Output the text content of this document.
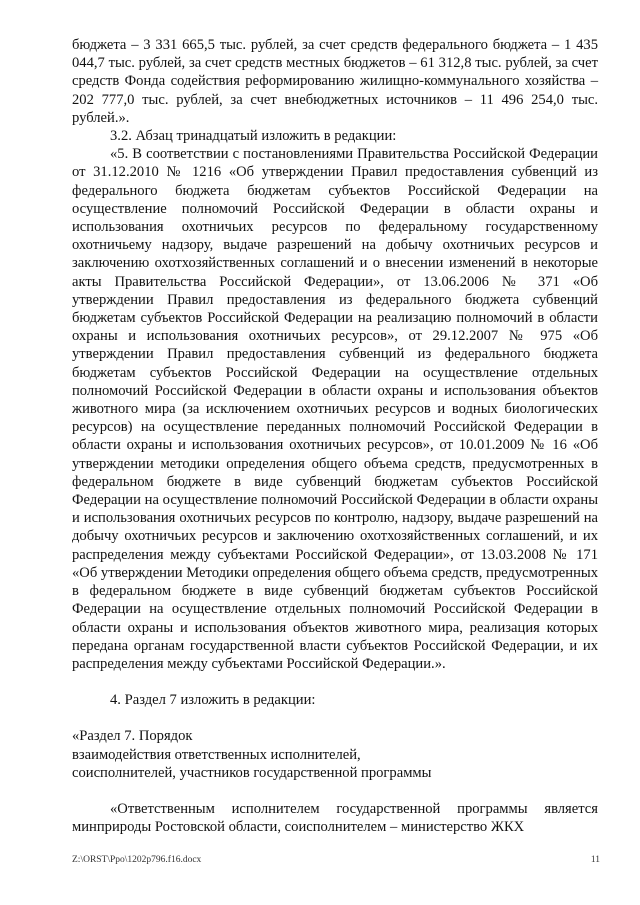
бюджета – 3 331 665,5 тыс. рублей, за счет средств федерального бюджета – 1 435 044,7 тыс. рублей, за счет средств местных бюджетов – 61 312,8 тыс. рублей, за счет средств Фонда содействия реформированию жилищно-коммунального хозяйства – 202 777,0 тыс. рублей, за счет внебюджетных источников – 11 496 254,0 тыс. рублей.».

3.2. Абзац тринадцатый изложить в редакции:

«5. В соответствии с постановлениями Правительства Российской Федерации от 31.12.2010 № 1216 «Об утверждении Правил предоставления субвенций из федерального бюджета бюджетам субъектов Российской Федерации на осуществление полномочий Российской Федерации в области охраны и использования охотничьих ресурсов по федеральному государственному охотничьему надзору, выдаче разрешений на добычу охотничьих ресурсов и заключению охотхозяйственных соглашений и о внесении изменений в некоторые акты Правительства Российской Федерации», от 13.06.2006 № 371 «Об утверждении Правил предоставления из федерального бюджета субвенций бюджетам субъектов Российской Федерации на реализацию полномочий в области охраны и использования охотничьих ресурсов», от 29.12.2007 № 975 «Об утверждении Правил предоставления субвенций из федерального бюджета бюджетам субъектов Российской Федерации на осуществление отдельных полномочий Российской Федерации в области охраны и использования объектов животного мира (за исключением охотничьих ресурсов и водных биологических ресурсов) на осуществление переданных полномочий Российской Федерации в области охраны и использования охотничьих ресурсов», от 10.01.2009 № 16 «Об утверждении методики определения общего объема средств, предусмотренных в федеральном бюджете в виде субвенций бюджетам субъектов Российской Федерации на осуществление полномочий Российской Федерации в области охраны и использования охотничьих ресурсов по контролю, надзору, выдаче разрешений на добычу охотничьих ресурсов и заключению охотхозяйственных соглашений, и их распределения между субъектами Российской Федерации», от 13.03.2008 № 171 «Об утверждении Методики определения общего объема средств, предусмотренных в федеральном бюджете в виде субвенций бюджетам субъектов Российской Федерации на осуществление отдельных полномочий Российской Федерации в области охраны и использования объектов животного мира, реализация которых передана органам государственной власти субъектов Российской Федерации, и их распределения между субъектами Российской Федерации.».

4. Раздел 7 изложить в редакции:

«Раздел 7. Порядок

взаимодействия ответственных исполнителей,

соисполнителей, участников государственной программы

«Ответственным исполнителем государственной программы является минприроды Ростовской области, соисполнителем – министерство ЖКХ

Z:\ORST\Ppo\1202p796.f16.docx	11
